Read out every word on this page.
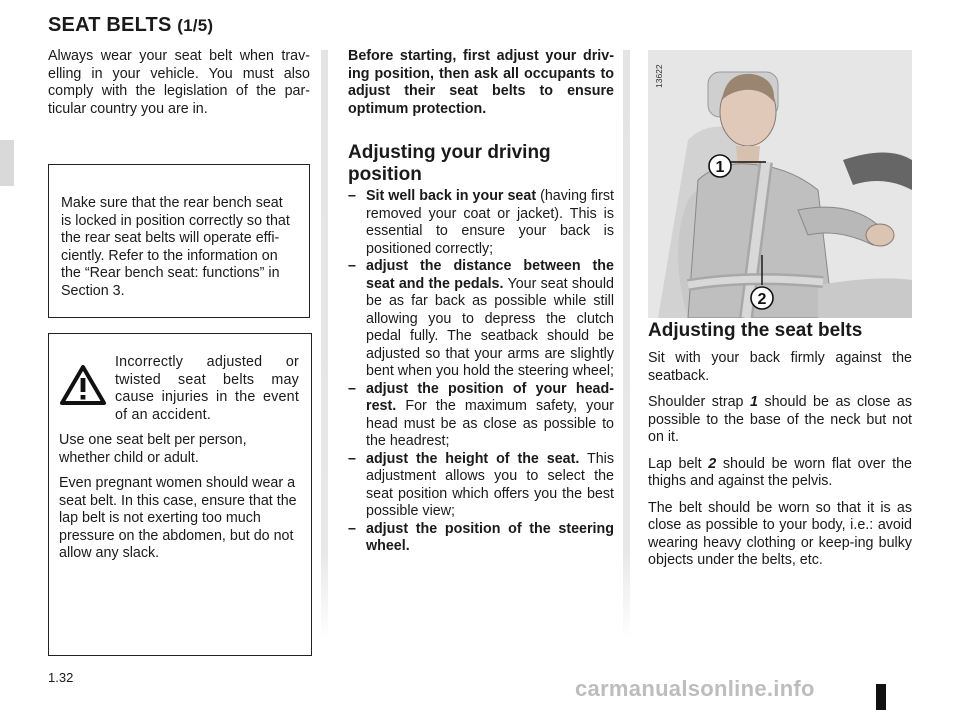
SEAT BELTS (1/5)

Always wear your seat belt when trav-elling in your vehicle. You must also comply with the legislation of the par-ticular country you are in.

Make sure that the rear bench seat is locked in position correctly so that the rear seat belts will operate effi-ciently. Refer to the information on the “Rear bench seat: functions” in Section 3.

Incorrectly adjusted or twisted seat belts may cause injuries in the event of an accident.

Use one seat belt per person, whether child or adult.

Even pregnant women should wear a seat belt. In this case, ensure that the lap belt is not exerting too much pressure on the abdomen, but do not allow any slack.

Before starting, first adjust your driv-ing position, then ask all occupants to adjust their seat belts to ensure optimum protection.

Adjusting your driving position
– Sit well back in your seat (having first removed your coat or jacket). This is essential to ensure your back is positioned correctly;
– adjust the distance between the seat and the pedals. Your seat should be as far back as possible while still allowing you to depress the clutch pedal fully. The seatback should be adjusted so that your arms are slightly bent when you hold the steering wheel;
– adjust the position of your head-rest. For the maximum safety, your head must be as close as possible to the headrest;
– adjust the height of the seat. This adjustment allows you to select the seat position which offers you the best possible view;
– adjust the position of the steering wheel.
1
2
13622
Adjusting the seat belts

Sit with your back firmly against the seatback.

Shoulder strap 1 should be as close as possible to the base of the neck but not on it.

Lap belt 2 should be worn flat over the thighs and against the pelvis.

The belt should be worn so that it is as close as possible to your body, i.e.: avoid wearing heavy clothing or keep-ing bulky objects under the belts, etc.

1.32	carmanualsonline.info
